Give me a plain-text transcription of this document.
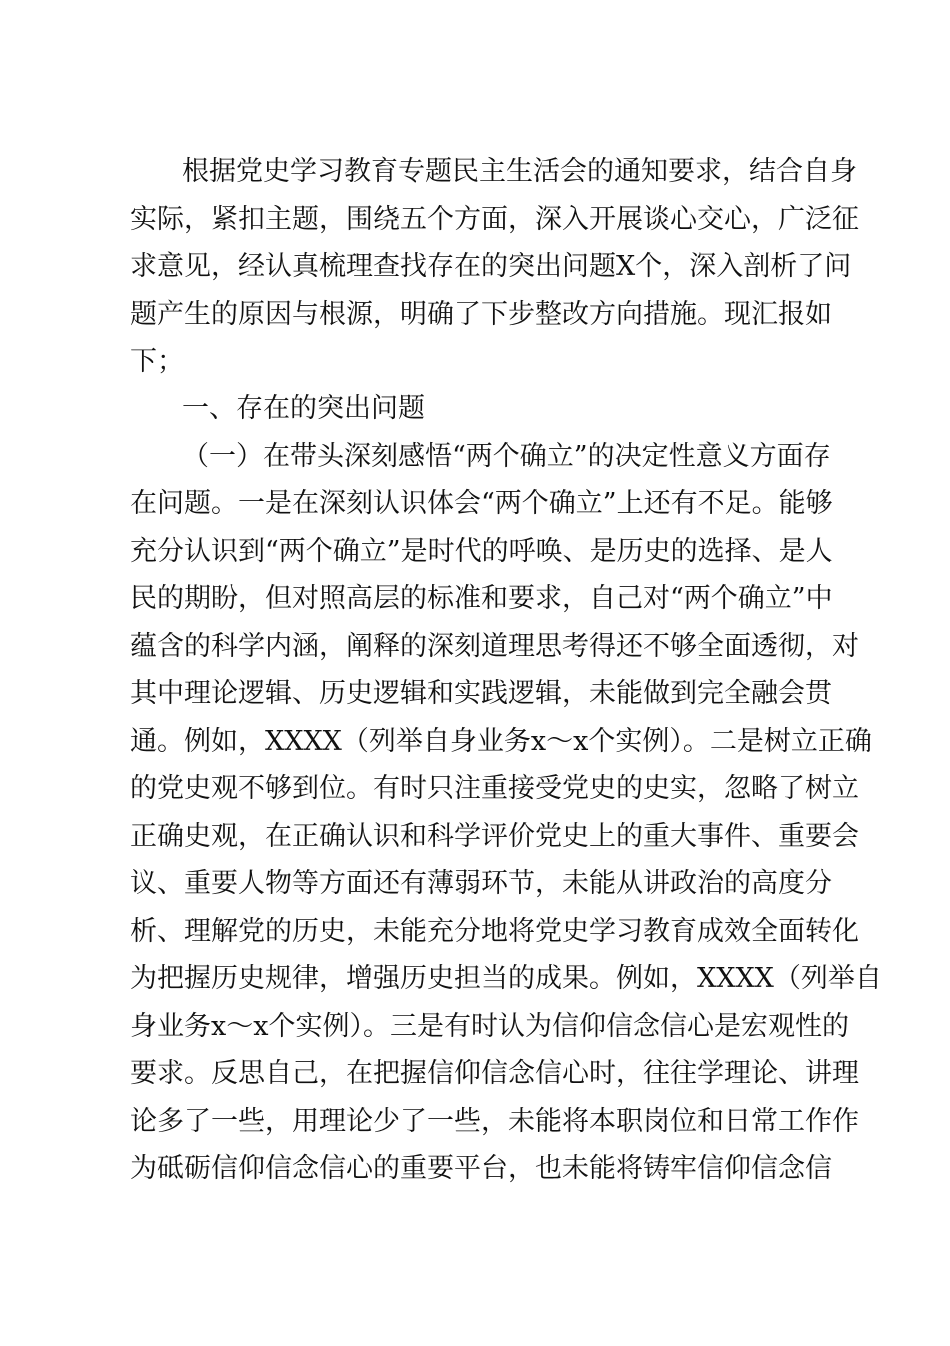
根据党史学习教育专题民主生活会的通知要求，结合自身
实际，紧扣主题，围绕五个方面，深入开展谈心交心，广泛征
求意见，经认真梳理查找存在的突出问题X个，深入剖析了问
题产生的原因与根源，明确了下步整改方向措施。现汇报如
下；
一、存在的突出问题
（一）在带头深刻感悟“两个确立”的决定性意义方面存
在问题。一是在深刻认识体会“两个确立”上还有不足。能够
充分认识到“两个确立”是时代的呼唤、是历史的选择、是人
民的期盼，但对照高层的标准和要求，自己对“两个确立”中
蕴含的科学内涵，阐释的深刻道理思考得还不够全面透彻，对
其中理论逻辑、历史逻辑和实践逻辑，未能做到完全融会贯
通。例如，XXXX（列举自身业务x～x个实例）。二是树立正确
的党史观不够到位。有时只注重接受党史的史实，忽略了树立
正确史观，在正确认识和科学评价党史上的重大事件、重要会
议、重要人物等方面还有薄弱环节，未能从讲政治的高度分
析、理解党的历史，未能充分地将党史学习教育成效全面转化
为把握历史规律，增强历史担当的成果。例如，XXXX（列举自
身业务x～x个实例）。三是有时认为信仰信念信心是宏观性的
要求。反思自己，在把握信仰信念信心时，往往学理论、讲理
论多了一些，用理论少了一些，未能将本职岗位和日常工作作
为砥砺信仰信念信心的重要平台，也未能将铸牢信仰信念信
